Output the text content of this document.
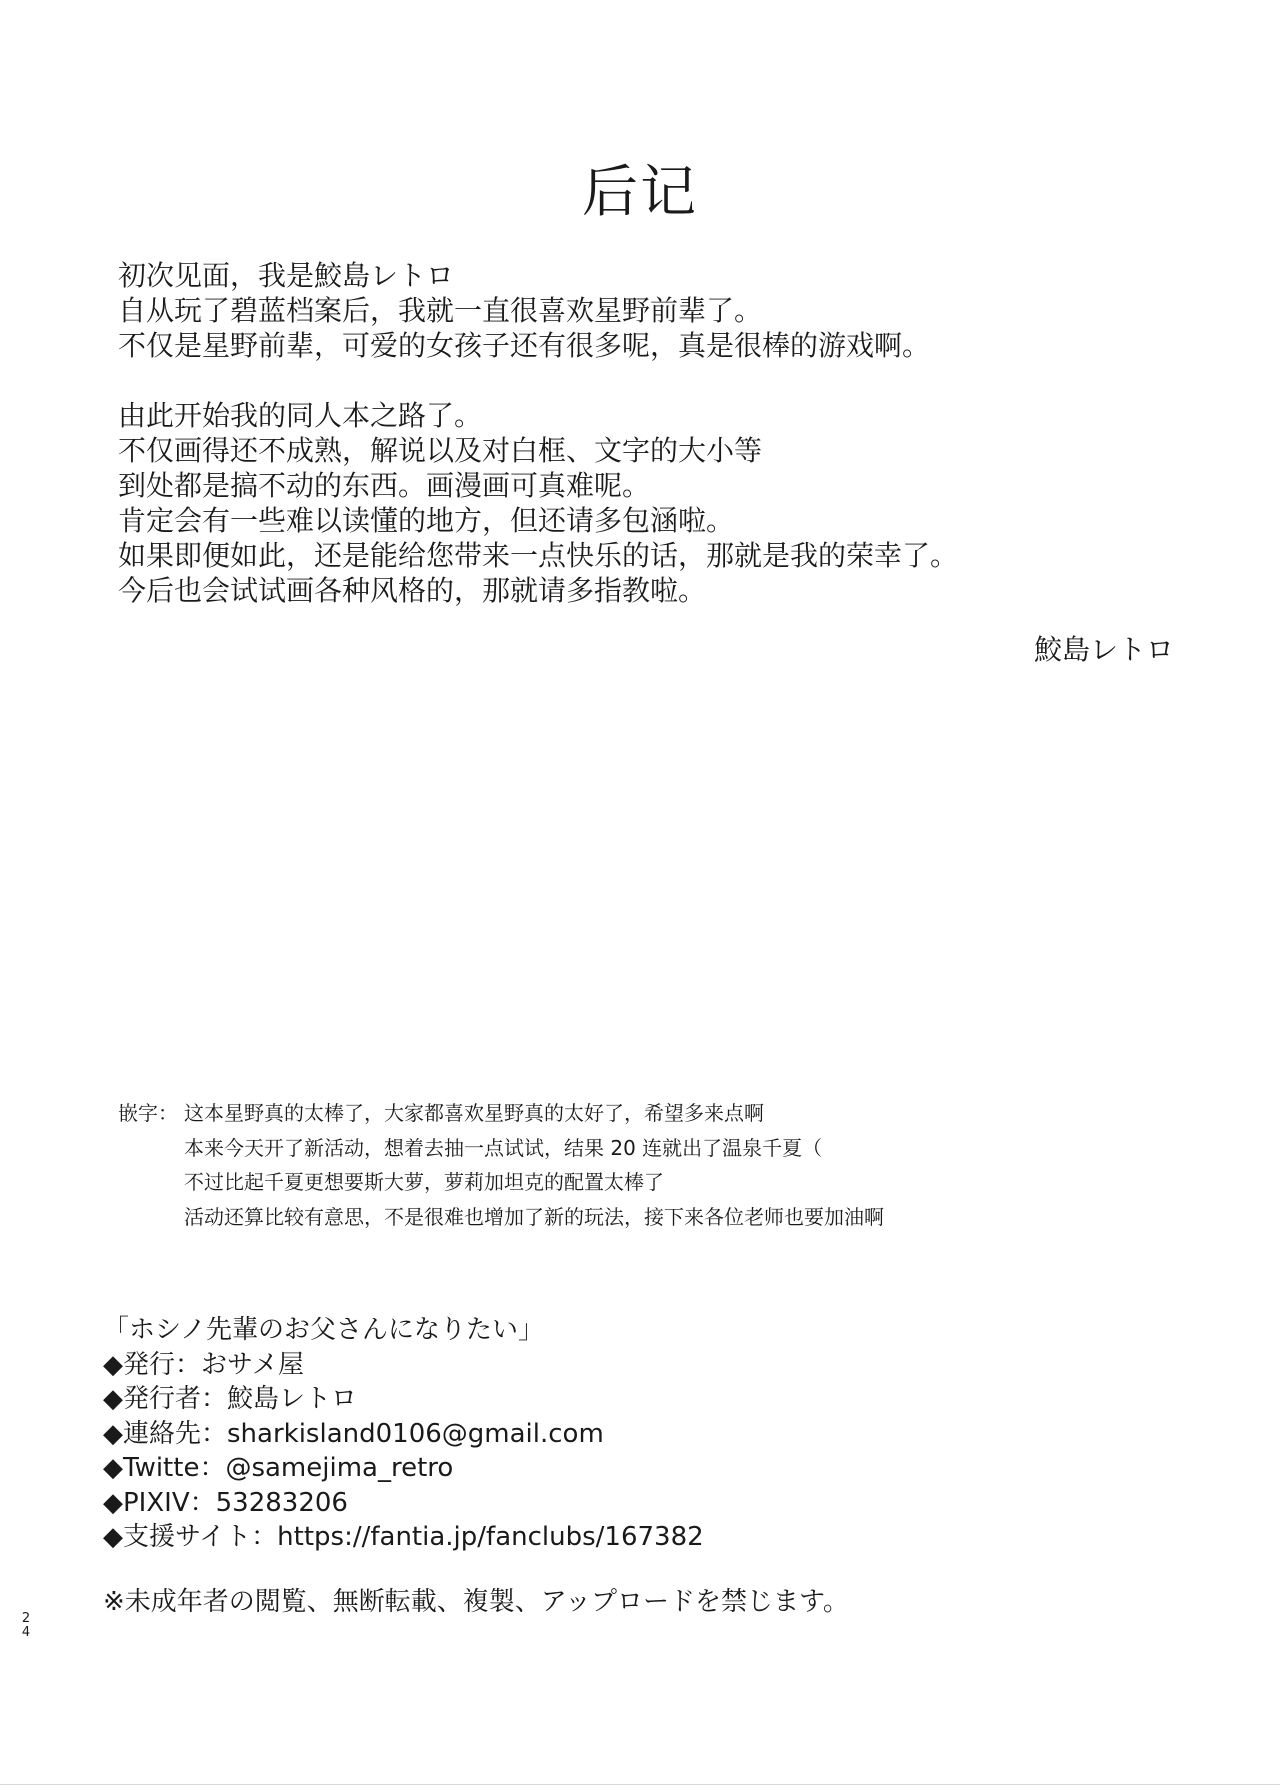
后记
初次见面，我是鮫島レトロ
自从玩了碧蓝档案后，我就一直很喜欢星野前辈了。
不仅是星野前辈，可爱的女孩子还有很多呢，真是很棒的游戏啊。
由此开始我的同人本之路了。
不仅画得还不成熟，解说以及对白框、文字的大小等
到处都是搞不动的东西。画漫画可真难呢。
肯定会有一些难以读懂的地方，但还请多包涵啦。
如果即便如此，还是能给您带来一点快乐的话，那就是我的荣幸了。
今后也会试试画各种风格的，那就请多指教啦。
鮫島レトロ
嵌字： 这本星野真的太棒了，大家都喜欢星野真的太好了，希望多来点啊
本来今天开了新活动，想着去抽一点试试，结果 20 连就出了温泉千夏（
不过比起千夏更想要斯大萝，萝莉加坦克的配置太棒了
活动还算比较有意思，不是很难也增加了新的玩法，接下来各位老师也要加油啊
「ホシノ先輩のお父さんになりたい」
◆発行：おサメ屋
◆発行者：鮫島レトロ
◆連絡先：sharkisland0106@gmail.com
◆Twitte：@samejima_retro
◆PIXIV：53283206
◆支援サイト：https://fantia.jp/fanclubs/167382
※未成年者の閲覧、無断転載、複製、アップロードを禁じます。
24
